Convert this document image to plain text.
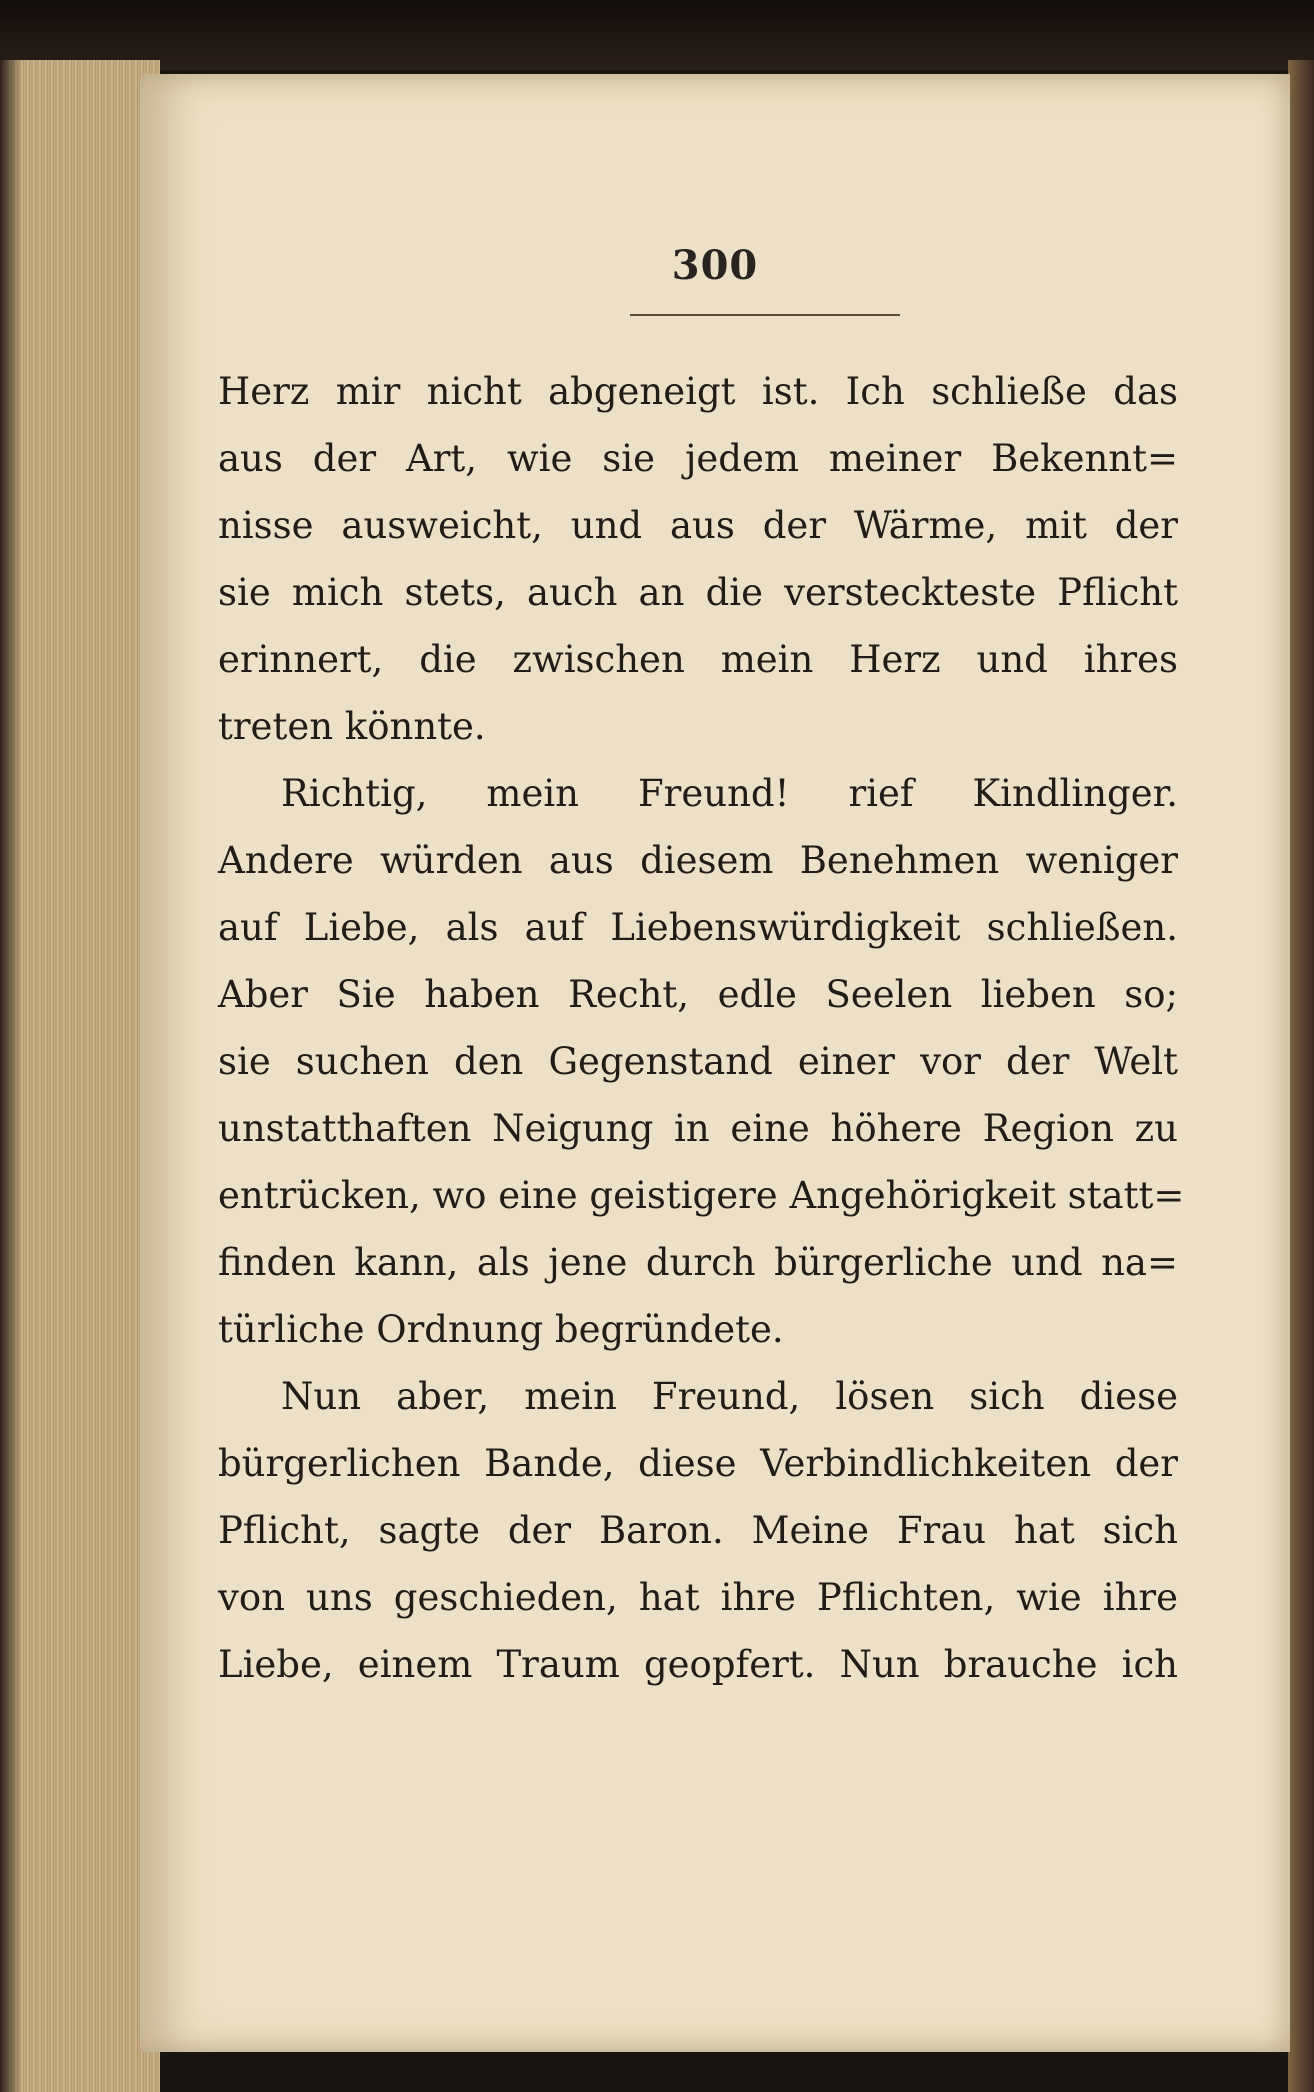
300
Herz mir nicht abgeneigt ist. Ich schließe das
aus der Art, wie sie jedem meiner Bekennt=
nisse ausweicht, und aus der Wärme, mit der
sie mich stets, auch an die versteckteste Pflicht
erinnert, die zwischen mein Herz und ihres
treten könnte.
Richtig, mein Freund! rief Kindlinger.
Andere würden aus diesem Benehmen weniger
auf Liebe, als auf Liebenswürdigkeit schließen.
Aber Sie haben Recht, edle Seelen lieben so;
sie suchen den Gegenstand einer vor der Welt
unstatthaften Neigung in eine höhere Region zu
entrücken, wo eine geistigere Angehörigkeit statt=
finden kann, als jene durch bürgerliche und na=
türliche Ordnung begründete.
Nun aber, mein Freund, lösen sich diese
bürgerlichen Bande, diese Verbindlichkeiten der
Pflicht, sagte der Baron. Meine Frau hat sich
von uns geschieden, hat ihre Pflichten, wie ihre
Liebe, einem Traum geopfert. Nun brauche ich
